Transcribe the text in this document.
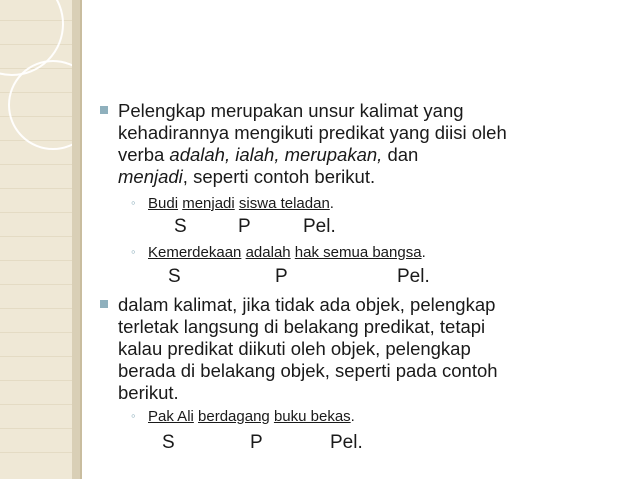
Pelengkap merupakan unsur kalimat yang
kehadirannya mengikuti predikat yang diisi oleh
verba adalah, ialah, merupakan, dan
menjadi, seperti contoh berikut.
◦ Budi menjadi siswa teladan.
S	P	Pel.
◦ Kemerdekaan adalah hak semua bangsa.
S	P	Pel.
dalam kalimat, jika tidak ada objek, pelengkap
terletak langsung di belakang predikat, tetapi
kalau predikat diikuti oleh objek, pelengkap
berada di belakang objek, seperti pada contoh
berikut.
◦ Pak Ali berdagang buku bekas.
S	P	Pel.
